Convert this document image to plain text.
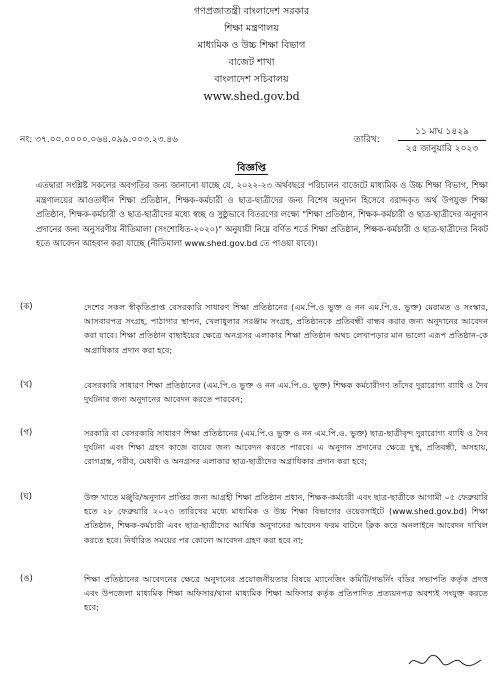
গণপ্রজাতন্ত্রী বাংলাদেশ সরকার
শিক্ষা মন্ত্রণালয়
মাধ্যমিক ও উচ্চ শিক্ষা বিভাগ
বাজেট শাখা
বাংলাদেশ সচিবালয়
www.shed.gov.bd
নং: ৩৭.০০.০০০০.০৬৪.০৯৯.০০৩.২৩.৪৬	তারিখ:
১১ মাঘ ১৪২৯
২৫ জানুয়ারি ২০২৩
বিজ্ঞপ্তি
এতদ্বারা সংশ্লিষ্ট সকলের অবগতির জন্য জানানো যাচ্ছে যে, ২০২২-২৩ অর্থবছরে পরিচালন বাজেটে মাধ্যমিক ও উচ্চ শিক্ষা বিভাগ, শিক্ষা মন্ত্রণালয়ের আওতাধীন শিক্ষা প্রতিষ্ঠান, শিক্ষক-কর্মচারী ও ছাত্র-ছাত্রীদের জন্য বিশেষ অনুদান হিসেবে বরাদ্দকৃত অর্থ উপযুক্ত শিক্ষা প্রতিষ্ঠান, শিক্ষক-কর্মচারী ও ছাত্র-ছাত্রীদের মধ্যে স্বচ্ছ ও সুষ্ঠুভাবে বিতরণের লক্ষ্যে "শিক্ষা প্রতিষ্ঠান, শিক্ষক-কর্মচারী ও ছাত্র-ছাত্রীদের অনুদান প্রদানের জন্য অনুসরণীয় নীতিমালা (সংশোধিত-২০২০)" অনুযায়ী নিম্নে বর্ণিত শর্তে শিক্ষা প্রতিষ্ঠান, শিক্ষক-কর্মচারী ও ছাত্র-ছাত্রীদের নিকট হতে আবেদন আহবান করা যাচ্ছে (নীতিমালা www.shed.gov.bd তে পাওয়া যাবে)।
(ক)	দেশের সকল স্বীকৃতিপ্রাপ্ত বেসরকারি সাধারণ শিক্ষা প্রতিষ্ঠানের (এম.পি.ও ভুক্ত ও নন এম.পি.ও. ভুক্ত) মেরামত ও সংস্কার, আসবাবপত্র সংগ্রহ, পাঠাগার স্থাপন, খেলাধুলার সরঞ্জাম সংগ্রহ, প্রতিষ্ঠানকে প্রতিবন্ধী বান্ধব করার জন্য অনুদানের আবেদন করা যাবে। শিক্ষা প্রতিষ্ঠান বাছাইয়ের ক্ষেত্রে অনগ্রসর এলাকার শিক্ষা প্রতিষ্ঠান অথচ লেখাপড়ার মান ভালো এরূপ প্রতিষ্ঠান-কে অগ্রাধিকার প্রদান করা হবে;
(খ)	বেসরকারি সাধারণ শিক্ষা প্রতিষ্ঠানের (এম.পি.ও ভুক্ত ও নন এম.পি.ও. ভুক্ত) শিক্ষক কর্মচারীগণ তাঁদের দুরারোগ্য ব্যাধি ও দৈব দুর্ঘটনার জন্য অনুদানের আবেদন করতে পারবেন;
(গ)	সরকারি বা বেসরকারি সাধারণ শিক্ষা প্রতিষ্ঠানের (এম.পি.ও ভুক্ত ও নন এম.পি.ও. ভুক্ত) ছাত্র-ছাত্রীবৃন্দ দুরারোগ্য ব্যাধি ও দৈব দুর্ঘটনা এবং শিক্ষা গ্রহণ কাজে ব্যয়ের জন্য আবেদন করতে পারবে। এ অনুদান প্রদানের ক্ষেত্রে দুস্থ, প্রতিবন্ধী, অসহায়, রোগগ্রস্ত, গরীব, মেধাবী ও অনগ্রসর এলাকার ছাত্র-ছাত্রীদের অগ্রাধিকার প্রদান করা হবে;
(ঘ)	উক্ত খাতে মঞ্জুরি/অনুদান প্রাপ্তির জন্য আগ্রহী শিক্ষা প্রতিষ্ঠান প্রধান, শিক্ষক-কর্মচারী এবং ছাত্র-ছাত্রীকে আগামী ০৫ ফেব্রুয়ারি হতে ২৮ ফেব্রুয়ারি ২০২৩ তারিখের মধ্যে মাধ্যমিক ও উচ্চ শিক্ষা বিভাগের ওয়েবসাইটে (www.shed.gov.bd) শিক্ষা প্রতিষ্ঠান, শিক্ষক-কর্মচারী এবং ছাত্র-ছাত্রীদের আর্থিক অনুদানের আবেদন ফরম বাটনে ক্লিক করে অনলাইনে আবেদন দাখিল করতে হবে। নির্ধারিত সময়ের পর কোনো আবেদন গ্রহণ করা হবে না;
(ঙ)	শিক্ষা প্রতিষ্ঠানের আবেদনের ক্ষেত্রে অনুদানের প্রয়োজনীয়তার বিষয়ে ম্যানেজিং কমিটি/গভর্নিং বডির সভাপতি কর্তৃক প্রদত্ত এবং উপজেলা মাধ্যমিক শিক্ষা অফিসার/থানা মাধ্যমিক শিক্ষা অফিসার কর্তৃক প্রতিপাদিত প্রত্যয়নপত্র অবশ্যই সংযুক্ত করতে হবে;
